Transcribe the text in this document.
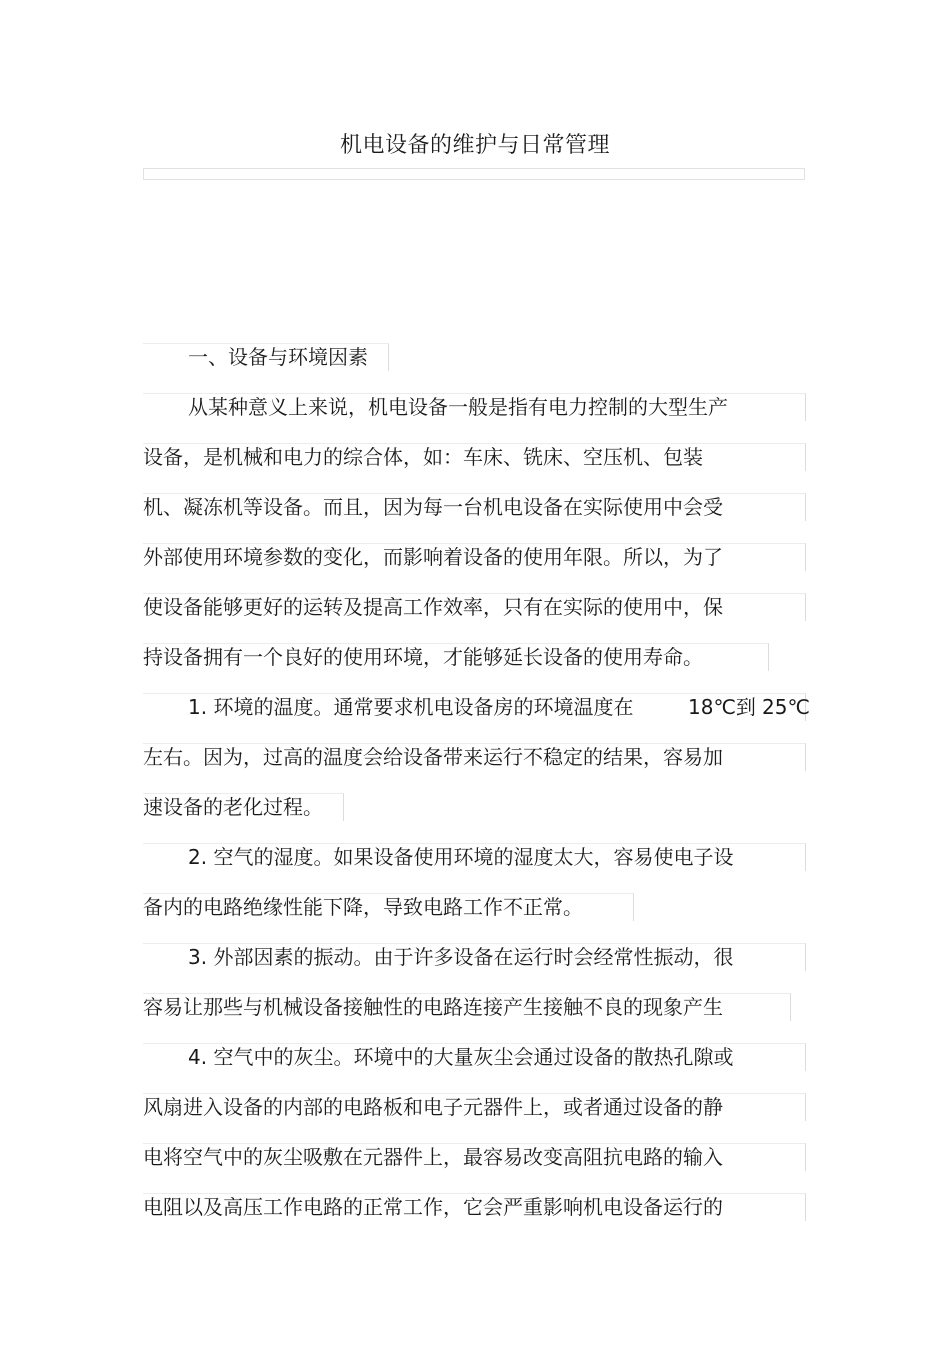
机电设备的维护与日常管理
一、设备与环境因素
从某种意义上来说，机电设备一般是指有电力控制的大型生产
设备，是机械和电力的综合体，如：车床、铣床、空压机、包装
机、凝冻机等设备。而且，因为每一台机电设备在实际使用中会受
外部使用环境参数的变化，而影响着设备的使用年限。所以，为了
使设备能够更好的运转及提高工作效率，只有在实际的使用中，保
持设备拥有一个良好的使用环境，才能够延长设备的使用寿命。
1. 环境的温度。通常要求机电设备房的环境温度在	18℃到 25℃
左右。因为，过高的温度会给设备带来运行不稳定的结果，容易加
速设备的老化过程。
2. 空气的湿度。如果设备使用环境的湿度太大，容易使电子设
备内的电路绝缘性能下降，导致电路工作不正常。
3. 外部因素的振动。由于许多设备在运行时会经常性振动，很
容易让那些与机械设备接触性的电路连接产生接触不良的现象产生
4. 空气中的灰尘。环境中的大量灰尘会通过设备的散热孔隙或
风扇进入设备的内部的电路板和电子元器件上，或者通过设备的静
电将空气中的灰尘吸敷在元器件上，最容易改变高阻抗电路的输入
电阻以及高压工作电路的正常工作，它会严重影响机电设备运行的
